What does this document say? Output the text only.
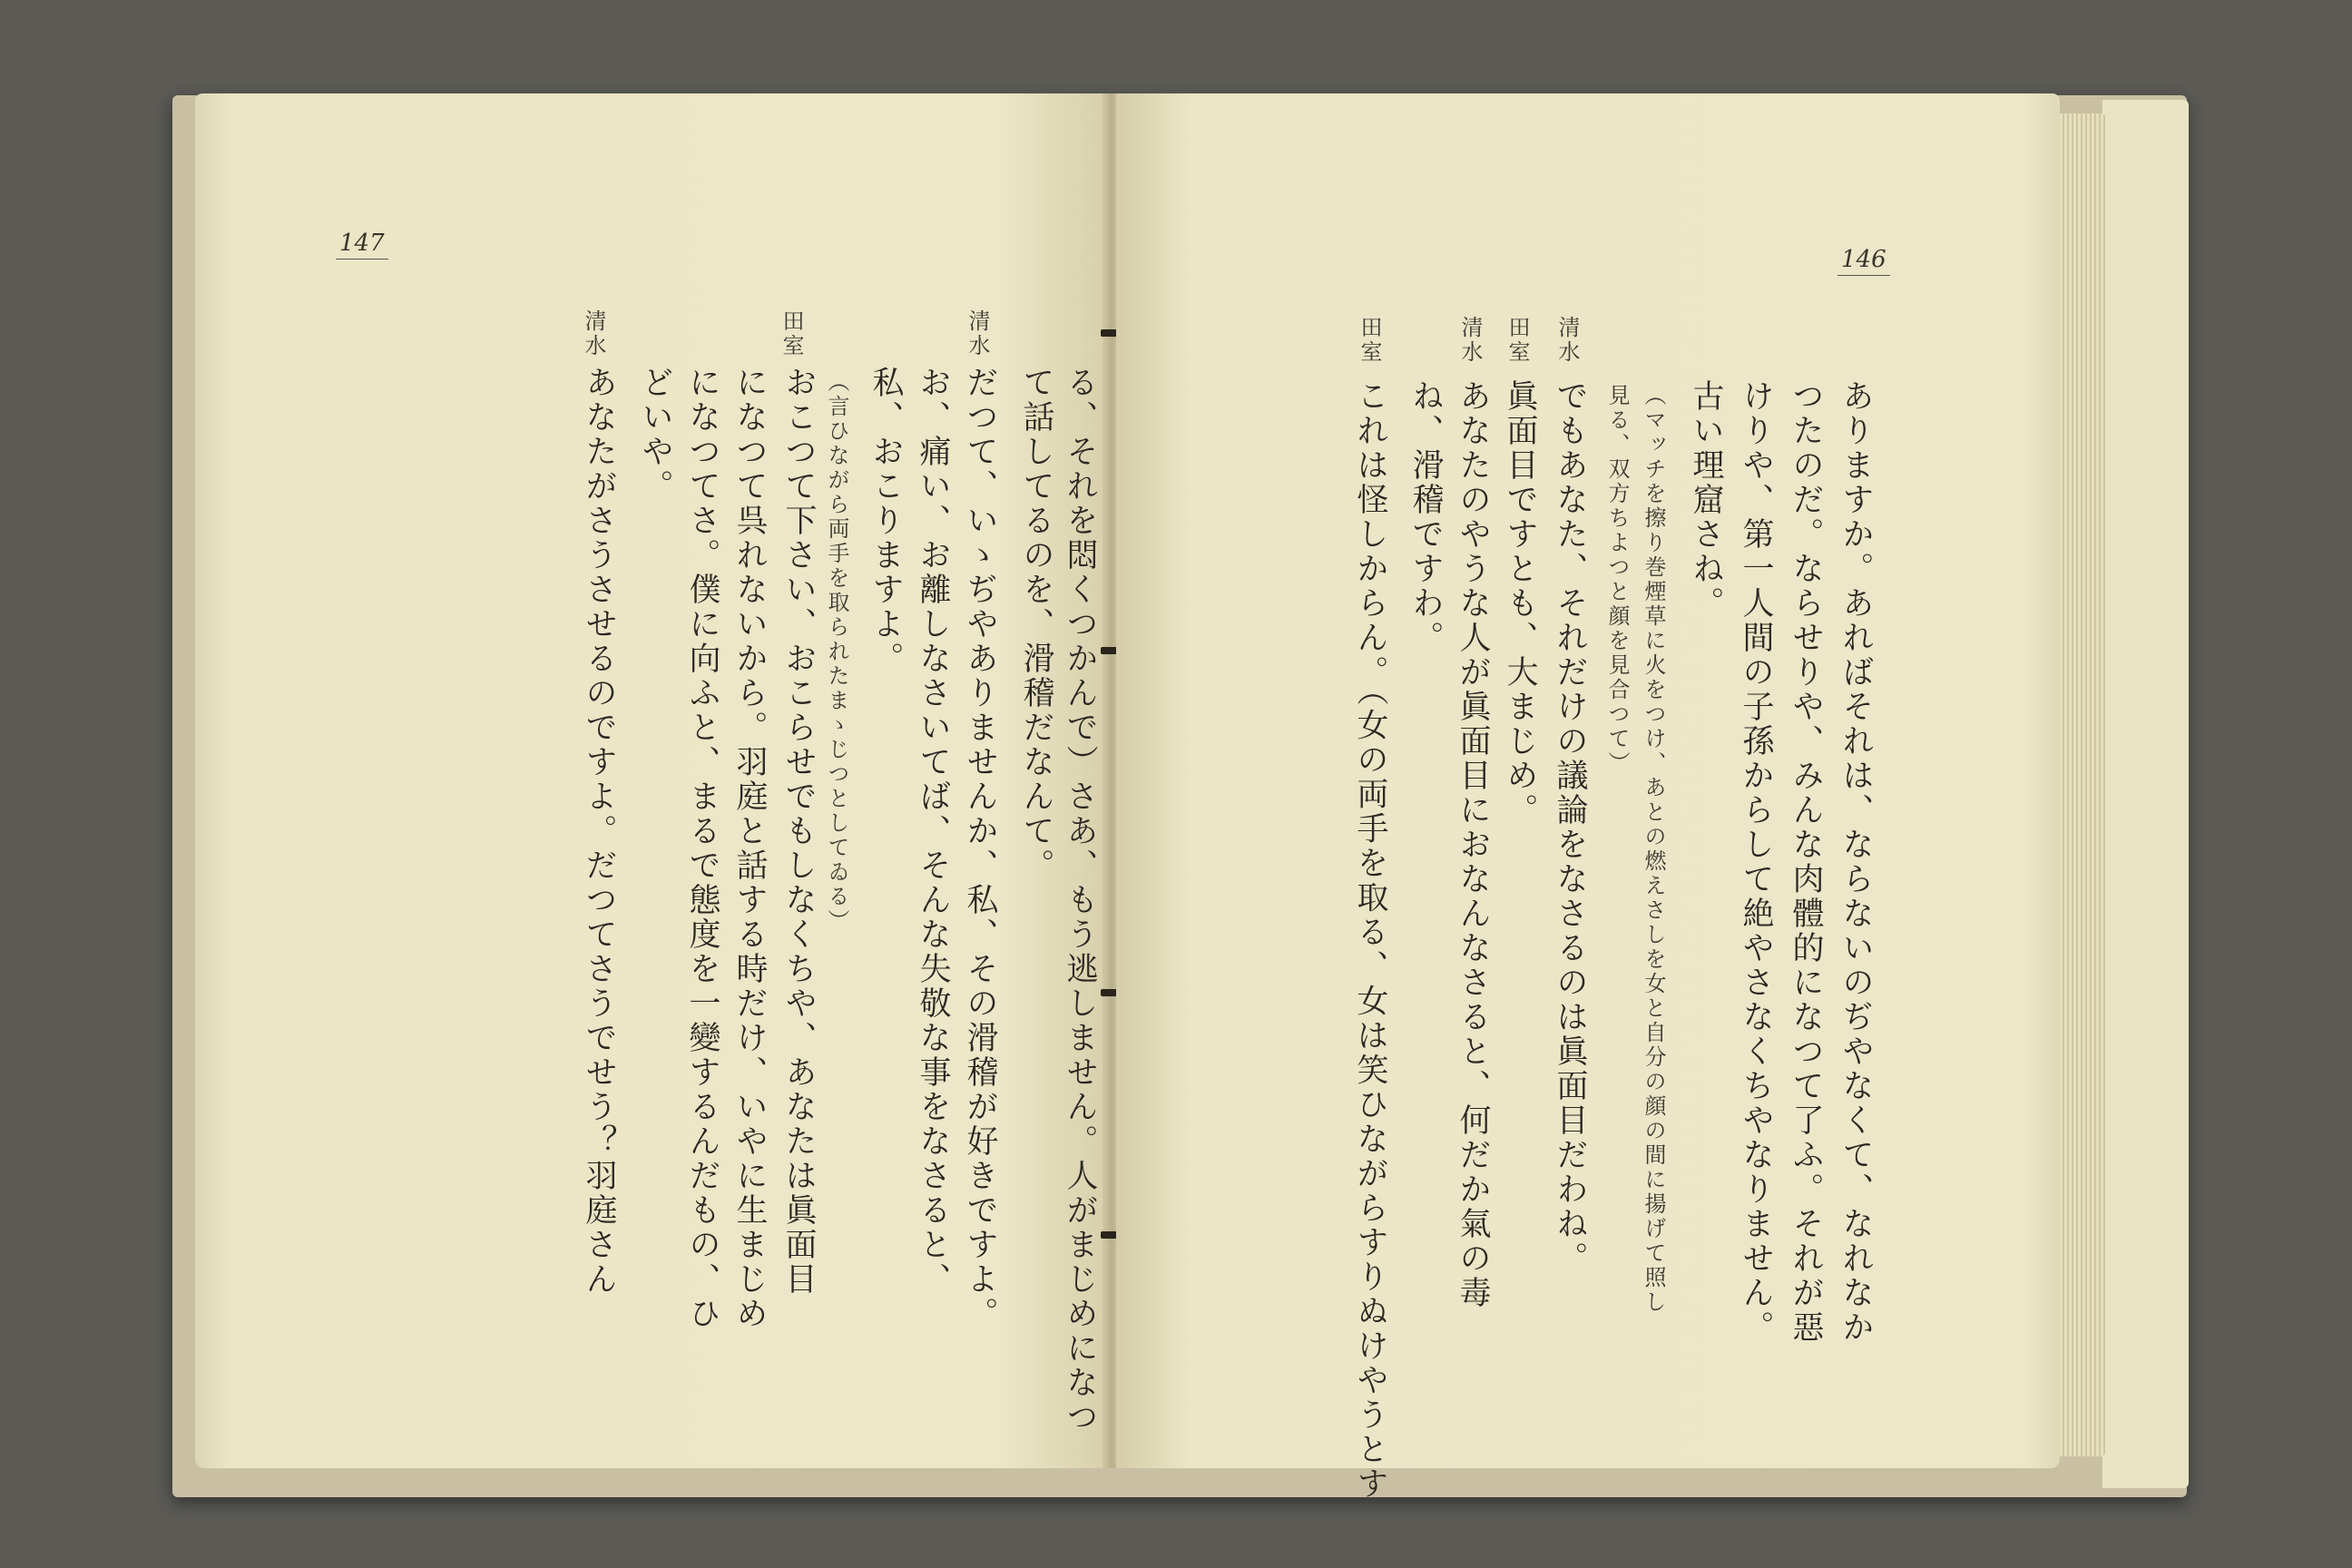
147
る、それを悶くつかんで）さあ、もう逃しません。人がまじめになつ
て話してるのを、滑稽だなんて。
だつて、いゝぢやありませんか、私、その滑稽が好きですよ。
お、痛い、お離しなさいてば、そんな失敬な事をなさると、
私、おこりますよ。
（言ひながら両手を取られたまゝじつとしてゐる）
おこつて下さい、おこらせでもしなくちや、あなたは眞面目
になつて呉れないから。羽庭と話する時だけ、いやに生まじめ
になつてさ。僕に向ふと、まるで態度を一變するんだもの、ひ
どいや。
あなたがさうさせるのですよ。だつてさうでせう？羽庭さん
清水
田室
清水
146
ありますか。あればそれは、ならないのぢやなくて、なれなか
つたのだ。ならせりや、みんな肉體的になつて了ふ。それが惡
けりや、第一人間の子孫からして絶やさなくちやなりません。
古い理窟さね。
（マッチを擦り巻煙草に火をつけ、あとの燃えさしを女と自分の顔の間に揚げて照し
見る、双方ちよつと顔を見合つて）
でもあなた、それだけの議論をなさるのは眞面目だわね。
眞面目ですとも、大まじめ。
あなたのやうな人が眞面目におなんなさると、何だか氣の毒
ね、滑稽ですわ。
これは怪しからん。（女の両手を取る、女は笑ひながらすりぬけやうとす
清水
田室
清水
田室
